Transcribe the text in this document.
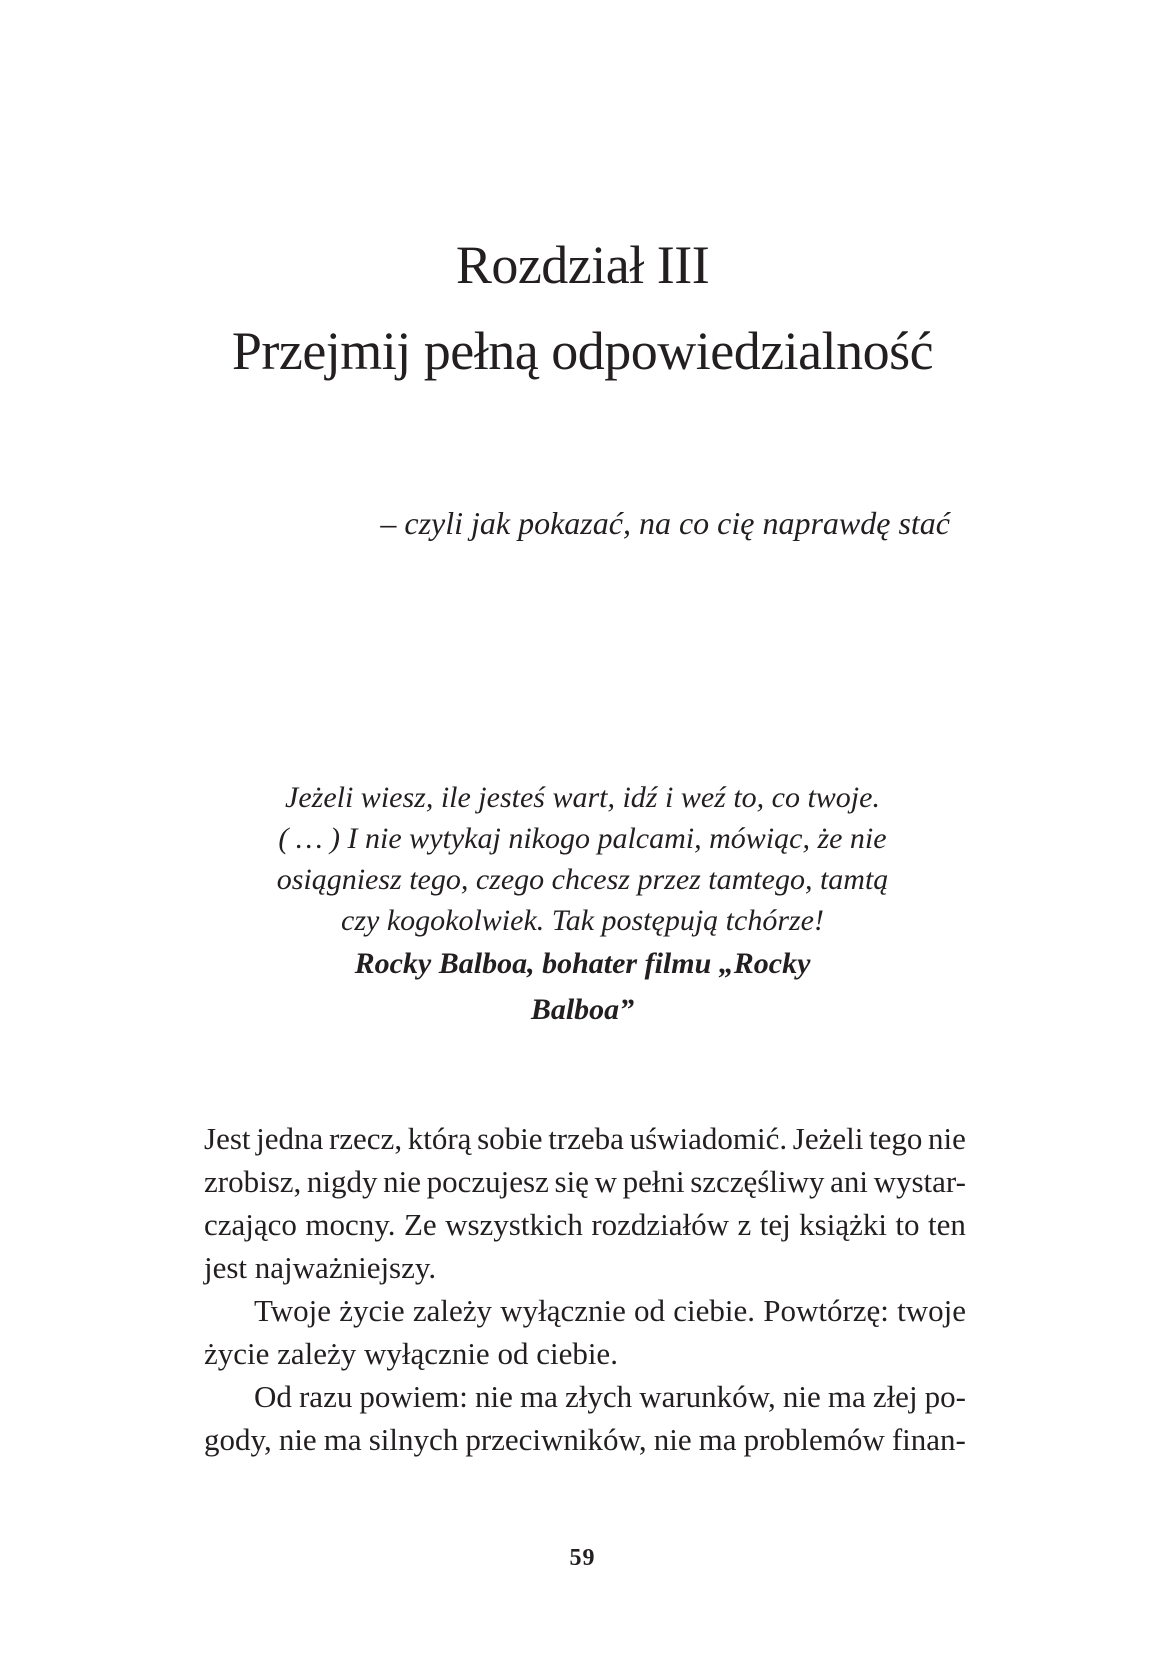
Rozdział III
Przejmij pełną odpowiedzialność
– czyli jak pokazać, na co cię naprawdę stać
Jeżeli wiesz, ile jesteś wart, idź i weź to, co twoje.
( … ) I nie wytykaj nikogo palcami, mówiąc, że nie
osiągniesz tego, czego chcesz przez tamtego, tamtą
czy kogokolwiek. Tak postępują tchórze!
Rocky Balboa, bohater filmu „Rocky
Balboa”
Jest jedna rzecz, którą sobie trzeba uświadomić. Jeżeli tego nie
zrobisz, nigdy nie poczujesz się w pełni szczęśliwy ani wystar-
czająco mocny. Ze wszystkich rozdziałów z tej książki to ten
jest najważniejszy.
Twoje życie zależy wyłącznie od ciebie. Powtórzę: twoje
życie zależy wyłącznie od ciebie.
Od razu powiem: nie ma złych warunków, nie ma złej po-
gody, nie ma silnych przeciwników, nie ma problemów finan-
59
